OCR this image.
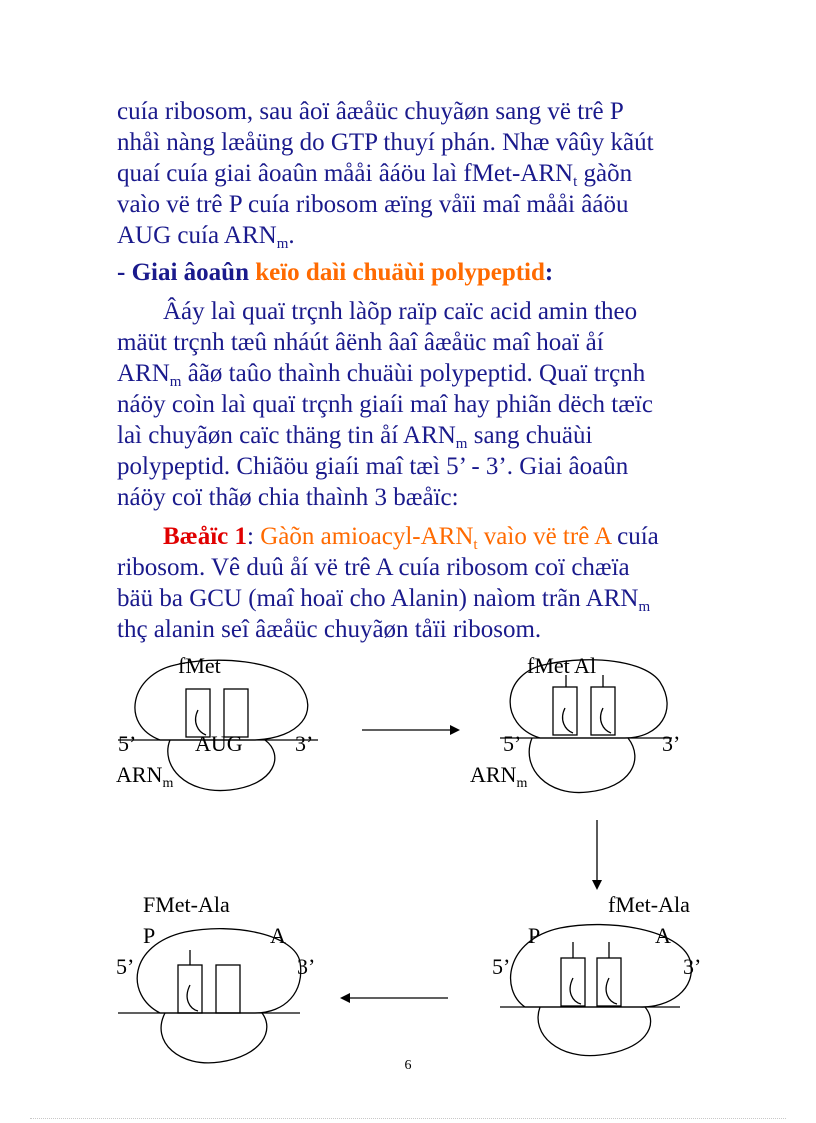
cuía ribosom, sau âoï âæåüc chuyãøn sang vë trê P

nhåì nàng læåüng do GTP thuyí phán. Nhæ vâûy kãút

quaí cuía giai âoaûn mååi âáöu laì fMet-$ARN_t$ gàõn

vaìo vë trê P cuía ribosom æïng våïi maî mååi âáöu

AUG cuía $ARN_m$.

- Giai âoaûn keïo daìi chuäùi polypeptid:

Âáy laì quaï trçnh làõp raïp caïc acid amin theo

mäüt trçnh tæû nháút âënh âaî âæåüc maî hoaï åí

$ARN_m$ âãø taûo thaình chuäùi polypeptid. Quaï trçnh

náöy coìn laì quaï trçnh giaíi maî hay phiãn dëch tæïc

laì chuyãøn caïc thäng tin åí $ARN_m$ sang chuäùi

polypeptid. Chiãöu giaíi maî tæì 5’ - 3’. Giai âoaûn

náöy coï thãø chia thaình 3 bæåïc:

Bæåïc 1: Gàõn amioacyl-$ARN_t$ vaìo vë trê A cuía

ribosom. Vê duû åí vë trê A cuía ribosom coï chæïa

bäü ba GCU (maî hoaï cho Alanin) naìom trãn $ARN_m$

thç alanin seî âæåüc chuyãøn tåïi ribosom.

fMet
5’	AUG 3’
$ARN_m$
fMet Al
5’	3’
$ARN_m$
fMet-Ala
P	A
5’	3’
FMet-Ala
P	A
5’	3’
6
